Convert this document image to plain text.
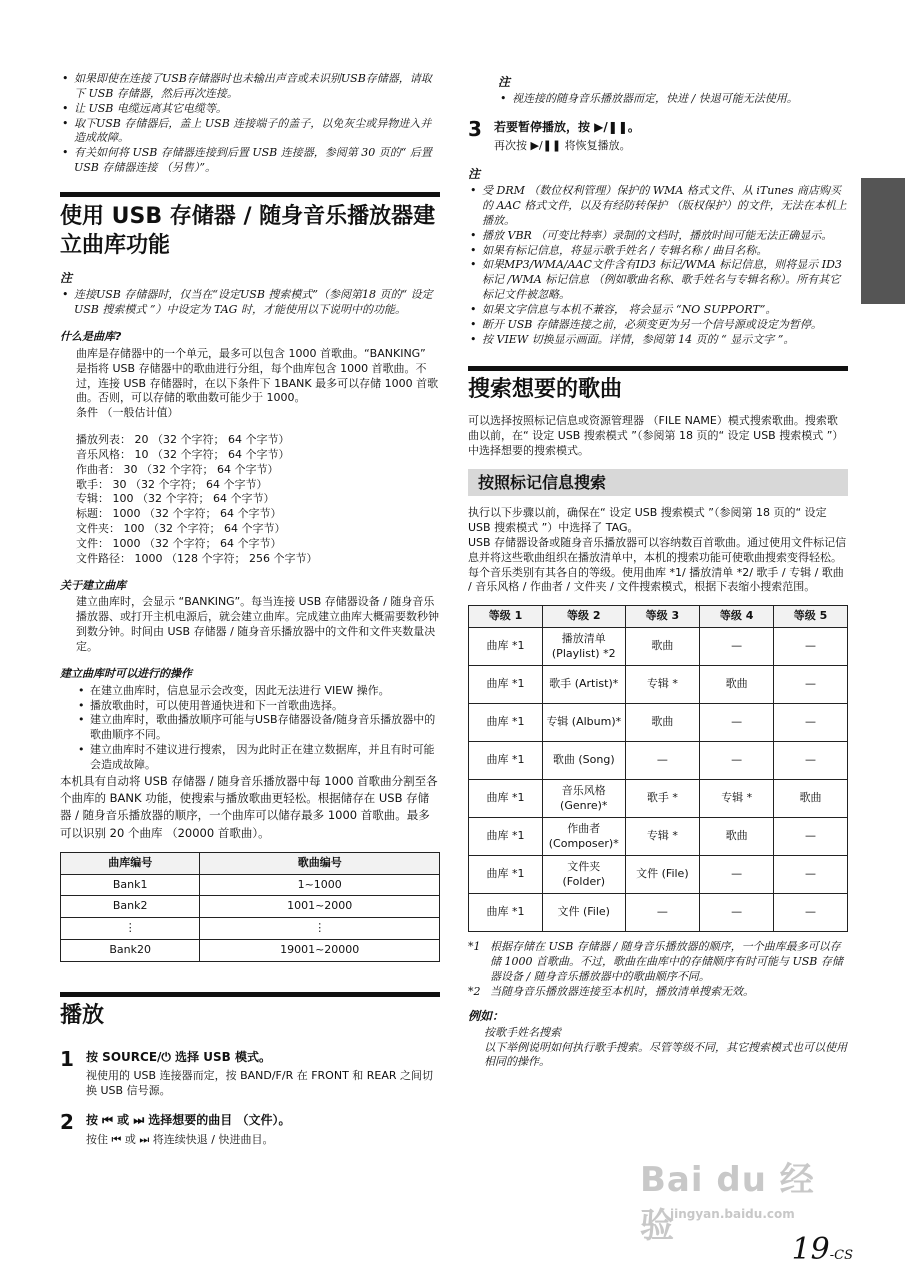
• 如果即使在连接了USB存储器时也未输出声音或未识别USB存储器，请取下 USB 存储器，然后再次连接。
• 让 USB 电缆远离其它电缆等。
• 取下USB 存储器后，盖上 USB 连接端子的盖子，以免灰尘或异物进入并造成故障。
• 有关如何将 USB 存储器连接到后置 USB 连接器，参阅第 30 页的“ 后置 USB 存储器连接 （另售）”。
使用 USB 存储器 / 随身音乐播放器建立曲库功能
注
• 连接USB 存储器时，仅当在“设定USB 搜索模式”（参阅第18 页的“ 设定 USB 搜索模式 ”）中设定为 TAG 时，才能使用以下说明中的功能。
什么是曲库?

曲库是存储器中的一个单元，最多可以包含 1000 首歌曲。“BANKING” 是指将 USB 存储器中的歌曲进行分组，每个曲库包含 1000 首歌曲。不过，连接 USB 存储器时，在以下条件下 1BANK 最多可以存储 1000 首歌曲。否则，可以存储的歌曲数可能少于 1000。

条件 （一般估计值）

播放列表： 20 （32 个字符； 64 个字节）

音乐风格： 10 （32 个字符； 64 个字节）

作曲者： 30 （32 个字符； 64 个字节）

歌手： 30 （32 个字符； 64 个字节）

专辑： 100 （32 个字符； 64 个字节）

标题： 1000 （32 个字符； 64 个字节）

文件夹： 100 （32 个字符； 64 个字节）

文件： 1000 （32 个字符； 64 个字节）

文件路径： 1000 （128 个字符； 256 个字节）

关于建立曲库

建立曲库时，会显示 “BANKING”。每当连接 USB 存储器设备 / 随身音乐播放器、或打开主机电源后，就会建立曲库。完成建立曲库大概需要数秒钟到数分钟。时间由 USB 存储器 / 随身音乐播放器中的文件和文件夹数量决定。

建立曲库时可以进行的操作
• 在建立曲库时，信息显示会改变，因此无法进行 VIEW 操作。
• 播放歌曲时，可以使用普通快进和下一首歌曲选择。
• 建立曲库时，歌曲播放顺序可能与USB存储器设备/随身音乐播放器中的歌曲顺序不同。
• 建立曲库时不建议进行搜索， 因为此时正在建立数据库，并且有时可能会造成故障。

本机具有自动将 USB 存储器 / 随身音乐播放器中每 1000 首歌曲分割至各个曲库的 BANK 功能，使搜索与播放歌曲更轻松。根据储存在 USB 存储器 / 随身音乐播放器的顺序，一个曲库可以储存最多 1000 首歌曲。最多可以识别 20 个曲库 （20000 首歌曲）。

曲库编号	歌曲编号
Bank1	1~1000
Bank2	1001~2000
⋮	⋮
Bank20	19001~20000
播放
1	按 SOURCE/⏻ 选择 USB 模式。

视使用的 USB 连接器而定，按 BAND/F/R 在 FRONT 和 REAR 之间切换 USB 信号源。

2	按 ⏮ 或 ⏭ 选择想要的曲目 （文件）。

按住 ⏮ 或 ⏭ 将连续快退 / 快进曲目。

注
• 视连接的随身音乐播放器而定，快进 / 快退可能无法使用。
3	若要暂停播放，按 ▶/❚❚。

再次按 ▶/❚❚ 将恢复播放。

注
• 受 DRM （数位权利管理）保护的 WMA 格式文件、从 iTunes 商店购买的 AAC 格式文件，以及有经防转保护 （版权保护）的文件，无法在本机上播放。
• 播放 VBR （可变比特率）录制的文档时，播放时间可能无法正确显示。
• 如果有标记信息，将显示歌手姓名 / 专辑名称 / 曲目名称。
• 如果MP3/WMA/AAC文件含有ID3 标记/WMA 标记信息，则将显示 ID3 标记 /WMA 标记信息 （例如歌曲名称、歌手姓名与专辑名称）。所有其它标记文件被忽略。
• 如果文字信息与本机不兼容， 将会显示 “NO SUPPORT”。
• 断开 USB 存储器连接之前，必须变更为另一个信号源或设定为暂停。
• 按 VIEW 切换显示画面。详情，参阅第 14 页的 “ 显示文字 ”。
搜索想要的歌曲

可以选择按照标记信息或资源管理器 （FILE NAME）模式搜索歌曲。搜索歌曲以前，在“ 设定 USB 搜索模式 ”（参阅第 18 页的“ 设定 USB 搜索模式 ”）中选择想要的搜索模式。

按照标记信息搜索

执行以下步骤以前，确保在“ 设定 USB 搜索模式 ”（参阅第 18 页的“ 设定 USB 搜索模式 ”）中选择了 TAG。

USB 存储器设备或随身音乐播放器可以容纳数百首歌曲。通过使用文件标记信息并将这些歌曲组织在播放清单中，本机的搜索功能可使歌曲搜索变得轻松。

每个音乐类别有其各自的等级。使用曲库 *1/ 播放清单 *2/ 歌手 / 专辑 / 歌曲 / 音乐风格 / 作曲者 / 文件夹 / 文件搜索模式，根据下表缩小搜索范围。

等级 1	等级 2	等级 3	等级 4	等级 5
曲库 *1	播放清单 (Playlist) *2	歌曲	—	—
曲库 *1	歌手 (Artist)*	专辑 *	歌曲	—
曲库 *1	专辑 (Album)*	歌曲	—	—
曲库 *1	歌曲 (Song)	—	—	—
曲库 *1	音乐风格 (Genre)*	歌手 *	专辑 *	歌曲
曲库 *1	作曲者 (Composer)*	专辑 *	歌曲	—
曲库 *1	文件夹 (Folder)	文件 (File)	—	—
曲库 *1	文件 (File)	—	—	—
*1 根据存储在 USB 存储器 / 随身音乐播放器的顺序，一个曲库最多可以存储 1000 首歌曲。不过，歌曲在曲库中的存储顺序有时可能与 USB 存储器设备 / 随身音乐播放器中的歌曲顺序不同。
*2 当随身音乐播放器连接至本机时，播放清单搜索无效。
例如：

按歌手姓名搜索

以下举例说明如何执行歌手搜索。尽管等级不同，其它搜索模式也可以使用相同的操作。

Bai du 经验
jingyan.baidu.com
19-CS
